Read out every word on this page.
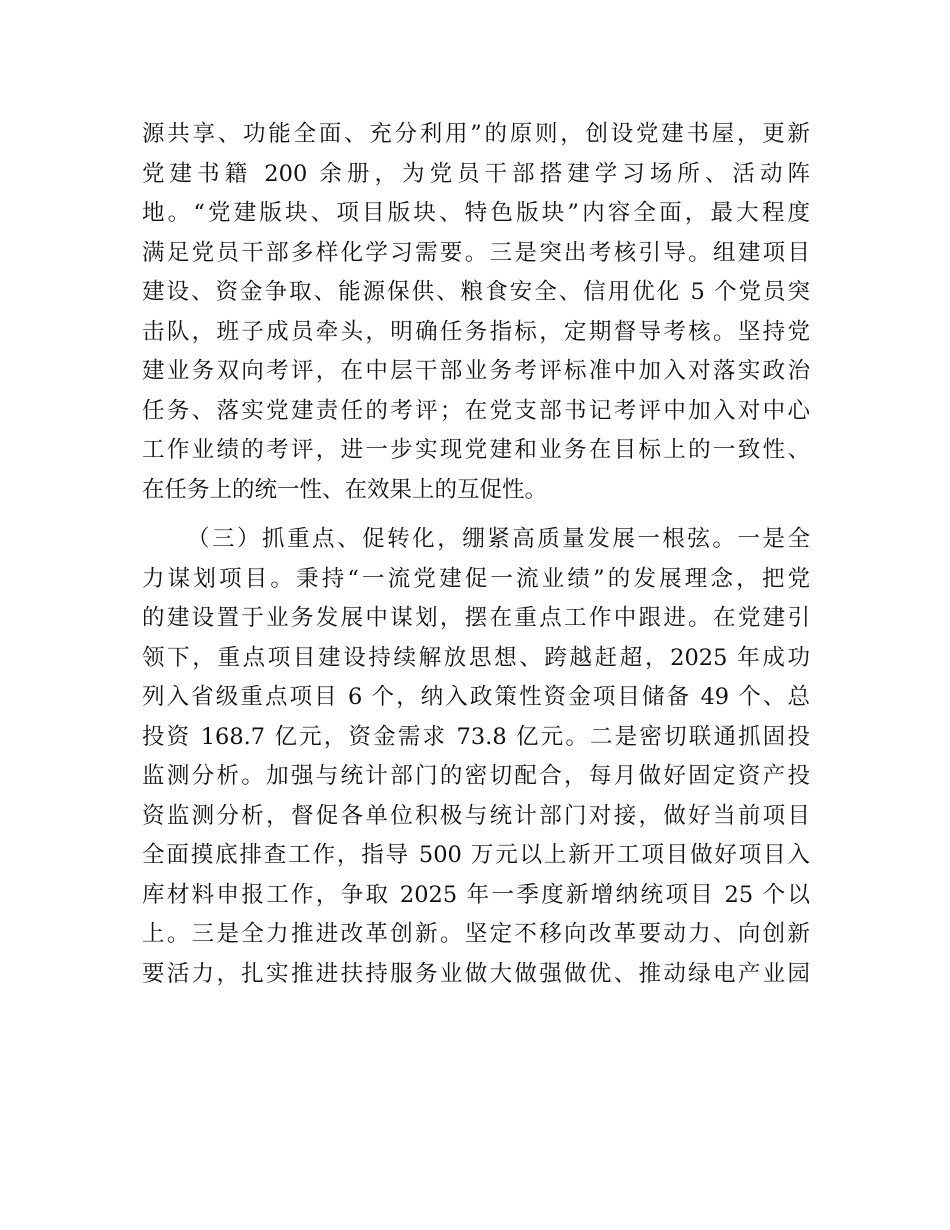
源共享、功能全面、充分利用”的原则，创设党建书屋，更新
党建书籍 200 余册，为党员干部搭建学习场所、活动阵
地。“党建版块、项目版块、特色版块”内容全面，最大程度
满足党员干部多样化学习需要。三是突出考核引导。组建项目
建设、资金争取、能源保供、粮食安全、信用优化 5 个党员突
击队，班子成员牵头，明确任务指标，定期督导考核。坚持党
建业务双向考评，在中层干部业务考评标准中加入对落实政治
任务、落实党建责任的考评；在党支部书记考评中加入对中心
工作业绩的考评，进一步实现党建和业务在目标上的一致性、
在任务上的统一性、在效果上的互促性。
（三）抓重点、促转化，绷紧高质量发展一根弦。一是全
力谋划项目。秉持“一流党建促一流业绩”的发展理念，把党
的建设置于业务发展中谋划，摆在重点工作中跟进。在党建引
领下，重点项目建设持续解放思想、跨越赶超，2025 年成功
列入省级重点项目 6 个，纳入政策性资金项目储备 49 个、总
投资 168.7 亿元，资金需求 73.8 亿元。二是密切联通抓固投
监测分析。加强与统计部门的密切配合，每月做好固定资产投
资监测分析，督促各单位积极与统计部门对接，做好当前项目
全面摸底排查工作，指导 500 万元以上新开工项目做好项目入
库材料申报工作，争取 2025 年一季度新增纳统项目 25 个以
上。三是全力推进改革创新。坚定不移向改革要动力、向创新
要活力，扎实推进扶持服务业做大做强做优、推动绿电产业园
